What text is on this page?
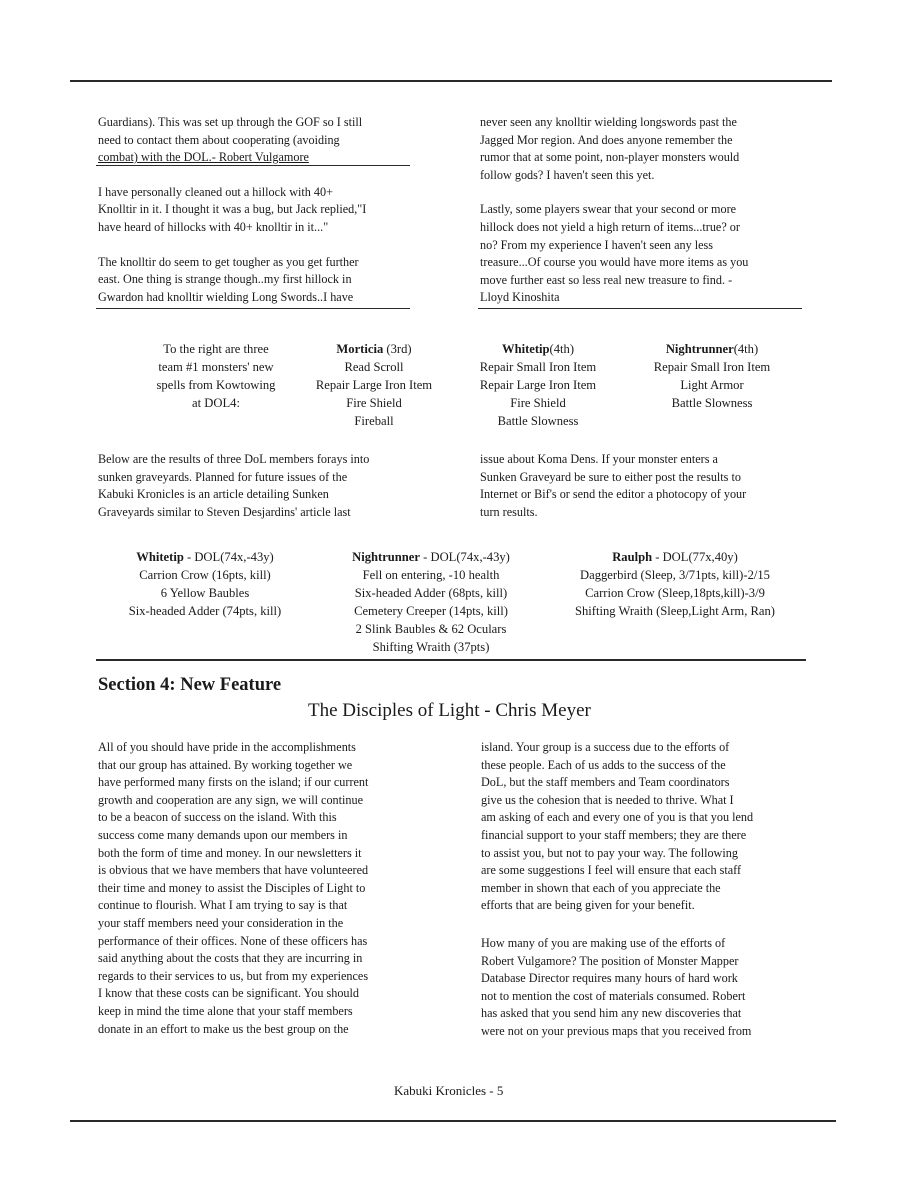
Guardians). This was set up through the GOF so I still
need to contact them about cooperating (avoiding
combat) with the DOL.- Robert Vulgamore

I have personally cleaned out a hillock with 40+
Knolltir in it. I thought it was a bug, but Jack replied,"I
have heard of hillocks with 40+ knolltir in it..."

The knolltir do seem to get tougher as you get further
east. One thing is strange though..my first hillock in
Gwardon had knolltir wielding Long Swords..I have

never seen any knolltir wielding longswords past the
Jagged Mor region. And does anyone remember the
rumor that at some point, non-player monsters would
follow gods? I haven't seen this yet.

Lastly, some players swear that your second or more
hillock does not yield a high return of items...true? or
no? From my experience I haven't seen any less
treasure...Of course you would have more items as you
move further east so less real new treasure to find. -
Lloyd Kinoshita

To the right are three
team #1 monsters' new
spells from Kowtowing
at DOL4:
Morticia (3rd)
Read Scroll
Repair Large Iron Item
Fire Shield
Fireball
Whitetip(4th)
Repair Small Iron Item
Repair Large Iron Item
Fire Shield
Battle Slowness
Nightrunner(4th)
Repair Small Iron Item
Light Armor
Battle Slowness

Below are the results of three DoL members forays into
sunken graveyards. Planned for future issues of the
Kabuki Kronicles is an article detailing Sunken
Graveyards similar to Steven Desjardins' article last

issue about Koma Dens. If your monster enters a
Sunken Graveyard be sure to either post the results to
Internet or Bif's or send the editor a photocopy of your
turn results.

Whitetip - DOL(74x,-43y)
Carrion Crow (16pts, kill)
6 Yellow Baubles
Six-headed Adder (74pts, kill)
Nightrunner - DOL(74x,-43y)
Fell on entering, -10 health
Six-headed Adder (68pts, kill)
Cemetery Creeper (14pts, kill)
2 Slink Baubles & 62 Oculars
Shifting Wraith (37pts)
Raulph - DOL(77x,40y)
Daggerbird (Sleep, 3/71pts, kill)-2/15
Carrion Crow (Sleep,18pts,kill)-3/9
Shifting Wraith (Sleep,Light Arm, Ran)
Section 4: New Feature
The Disciples of Light - Chris Meyer

All of you should have pride in the accomplishments
that our group has attained. By working together we
have performed many firsts on the island; if our current
growth and cooperation are any sign, we will continue
to be a beacon of success on the island. With this
success come many demands upon our members in
both the form of time and money. In our newsletters it
is obvious that we have members that have volunteered
their time and money to assist the Disciples of Light to
continue to flourish. What I am trying to say is that
your staff members need your consideration in the
performance of their offices. None of these officers has
said anything about the costs that they are incurring in
regards to their services to us, but from my experiences
I know that these costs can be significant. You should
keep in mind the time alone that your staff members
donate in an effort to make us the best group on the

island. Your group is a success due to the efforts of
these people. Each of us adds to the success of the
DoL, but the staff members and Team coordinators
give us the cohesion that is needed to thrive. What I
am asking of each and every one of you is that you lend
financial support to your staff members; they are there
to assist you, but not to pay your way. The following
are some suggestions I feel will ensure that each staff
member in shown that each of you appreciate the
efforts that are being given for your benefit.

How many of you are making use of the efforts of
Robert Vulgamore? The position of Monster Mapper
Database Director requires many hours of hard work
not to mention the cost of materials consumed. Robert
has asked that you send him any new discoveries that
were not on your previous maps that you received from

Kabuki Kronicles - 5
